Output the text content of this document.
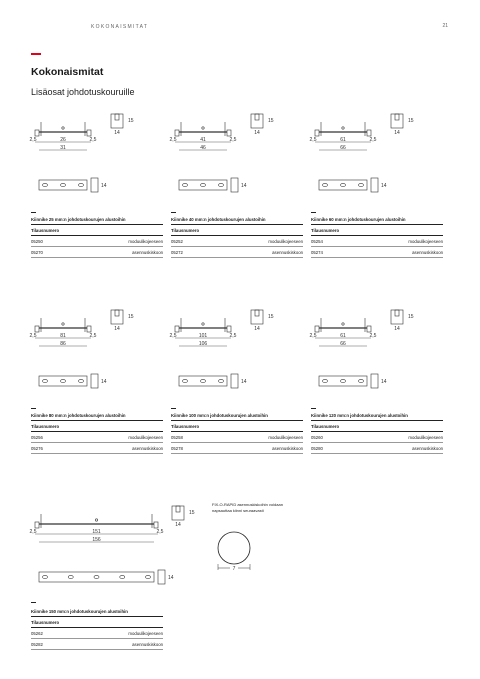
KOKONAISMITAT	21
Kokonaismitat
Lisäosat johdotuskouruille
2,5	26	2,5
31
15
14
14
Kiinnike 25 mm:n johdotuskourujen alustoihin
Tilausnumero
05250	moduulikojeeseen
05270	asennuskiskoon
2,5	41	2,5
46
15
14
14
Kiinnike 40 mm:n johdotuskourujen alustoihin
Tilausnumero
05252	moduulikojeeseen
05272	asennuskiskoon
2,5	61	2,5
66
15
14
14
Kiinnike 60 mm:n johdotuskourujen alustoihin
Tilausnumero
05254	moduulikojeeseen
05274	asennuskiskoon
2,5	81	2,5
86
15
14
14
Kiinnike 80 mm:n johdotuskourujen alustoihin
Tilausnumero
05256	moduulikojeeseen
05276	asennuskiskoon
2,5	101	2,5
106
15
14
14
Kiinnike 100 mm:n johdotuskourujen alustoihin
Tilausnumero
05258	moduulikojeeseen
05278	asennuskiskoon
2,5	61	2,5
66
15
14
14
Kiinnike 120 mm:n johdotuskourujen alustoihin
Tilausnumero
05260	moduulikojeeseen
05280	asennuskiskoon
2,5	151	2,5
156
15
14
14
Kiinnike 150 mm:n johdotuskourujen alustoihin
Tilausnumero
05262	moduulikojeeseen
05282	asennuskiskoon
FIX-O-RAPID asennuskiskoihin voidaan napsauttaa kiinni seuraavasti
7
